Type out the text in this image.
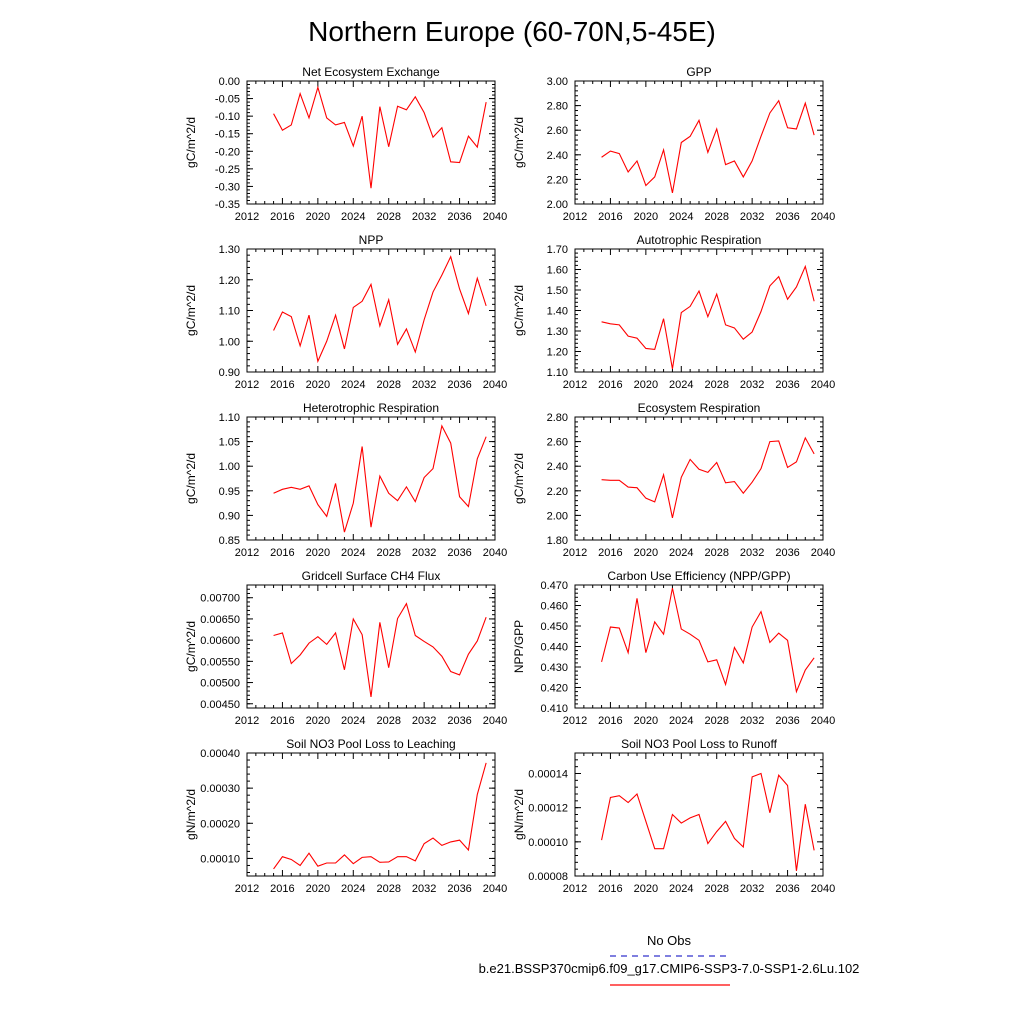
Northern Europe (60-70N,5-45E)
Net Ecosystem Exchange
gC/m^2/d
2012 2016 2020 2024 2028 2032 2036 2040
-0.35
-0.30
-0.25
-0.20
-0.15
-0.10
-0.05
0.00
GPP
gC/m^2/d
2012 2016 2020 2024 2028 2032 2036 2040
2.00
2.20
2.40
2.60
2.80
3.00
NPP
gC/m^2/d
2012 2016 2020 2024 2028 2032 2036 2040
0.90
1.00
1.10
1.20
1.30
Autotrophic Respiration
gC/m^2/d
2012 2016 2020 2024 2028 2032 2036 2040
1.10
1.20
1.30
1.40
1.50
1.60
1.70
Heterotrophic Respiration
gC/m^2/d
2012 2016 2020 2024 2028 2032 2036 2040
0.85
0.90
0.95
1.00
1.05
1.10
Ecosystem Respiration
gC/m^2/d
2012 2016 2020 2024 2028 2032 2036 2040
1.80
2.00
2.20
2.40
2.60
2.80
Gridcell Surface CH4 Flux
gC/m^2/d
2012 2016 2020 2024 2028 2032 2036 2040
0.00450
0.00500
0.00550
0.00600
0.00650
0.00700
Carbon Use Efficiency (NPP/GPP)
NPP/GPP
2012 2016 2020 2024 2028 2032 2036 2040
0.410
0.420
0.430
0.440
0.450
0.460
0.470
Soil NO3 Pool Loss to Leaching
gN/m^2/d
2012 2016 2020 2024 2028 2032 2036 2040
0.00010
0.00020
0.00030
0.00040
Soil NO3 Pool Loss to Runoff
gN/m^2/d
2012 2016 2020 2024 2028 2032 2036 2040
0.00008
0.00010
0.00012
0.00014
No Obs
b.e21.BSSP370cmip6.f09_g17.CMIP6-SSP3-7.0-SSP1-2.6Lu.102
